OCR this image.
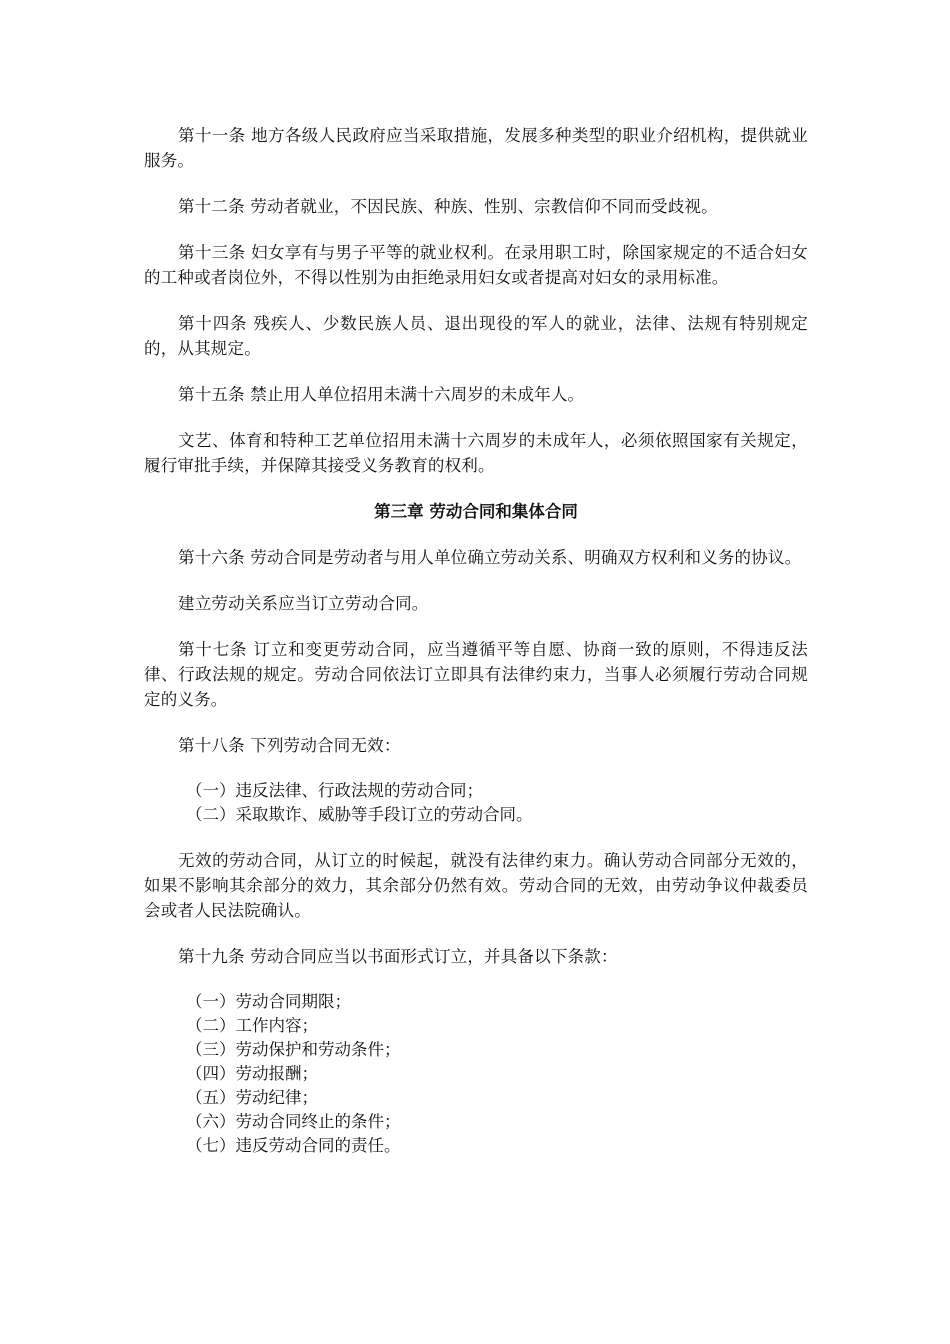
第十一条 地方各级人民政府应当采取措施，发展多种类型的职业介绍机构，提供就业服务。

第十二条 劳动者就业，不因民族、种族、性别、宗教信仰不同而受歧视。

第十三条 妇女享有与男子平等的就业权利。在录用职工时，除国家规定的不适合妇女的工种或者岗位外，不得以性别为由拒绝录用妇女或者提高对妇女的录用标准。

第十四条 残疾人、少数民族人员、退出现役的军人的就业，法律、法规有特别规定的，从其规定。

第十五条 禁止用人单位招用未满十六周岁的未成年人。

文艺、体育和特种工艺单位招用未满十六周岁的未成年人，必须依照国家有关规定，履行审批手续，并保障其接受义务教育的权利。

第三章 劳动合同和集体合同

第十六条 劳动合同是劳动者与用人单位确立劳动关系、明确双方权利和义务的协议。

建立劳动关系应当订立劳动合同。

第十七条 订立和变更劳动合同，应当遵循平等自愿、协商一致的原则，不得违反法律、行政法规的规定。劳动合同依法订立即具有法律约束力，当事人必须履行劳动合同规定的义务。

第十八条 下列劳动合同无效：

（一）违反法律、行政法规的劳动合同；
（二）采取欺诈、威胁等手段订立的劳动合同。

无效的劳动合同，从订立的时候起，就没有法律约束力。确认劳动合同部分无效的，如果不影响其余部分的效力，其余部分仍然有效。劳动合同的无效，由劳动争议仲裁委员会或者人民法院确认。

第十九条 劳动合同应当以书面形式订立，并具备以下条款：

（一）劳动合同期限；
（二）工作内容；
（三）劳动保护和劳动条件；
（四）劳动报酬；
（五）劳动纪律；
（六）劳动合同终止的条件；
（七）违反劳动合同的责任。
